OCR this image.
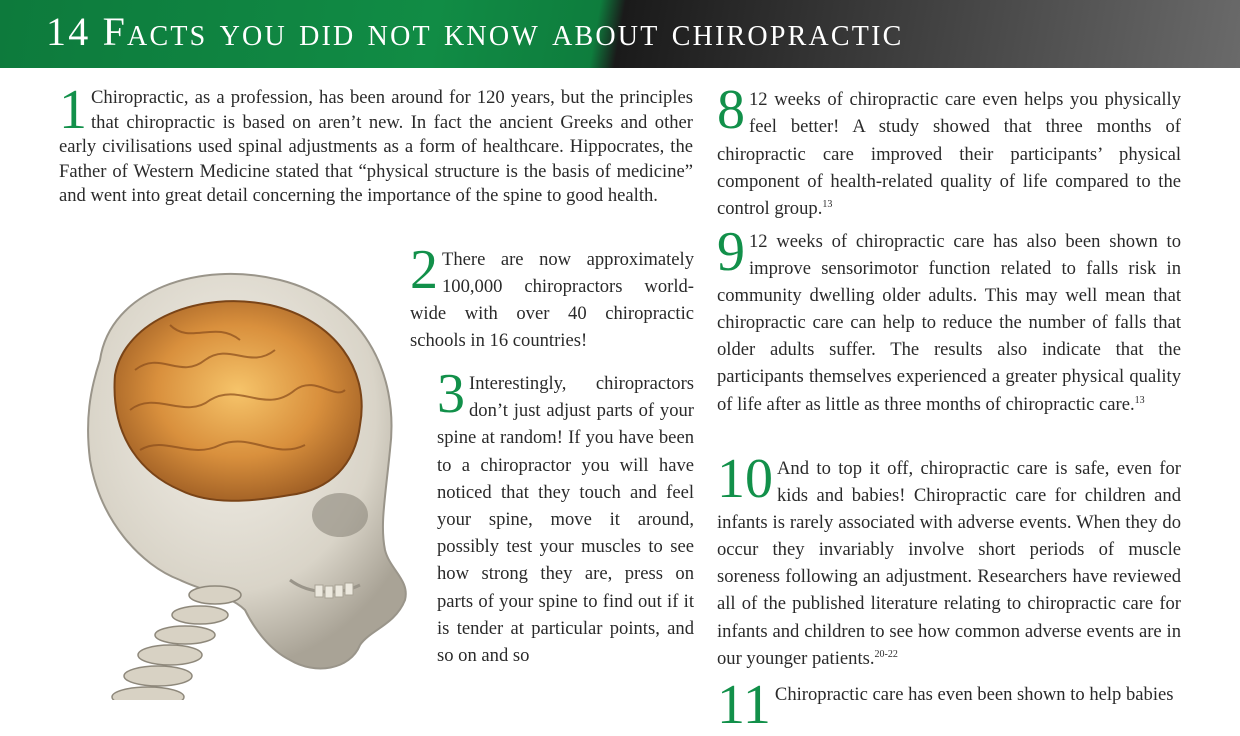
14 Facts you did not know about chiropractic
1 Chiropractic, as a profession, has been around for 120 years, but the principles that chiropractic is based on aren’t new. In fact the ancient Greeks and other early civilisations used spinal adjustments as a form of healthcare. Hippocrates, the Father of Western Medicine stated that “physical structure is the basis of medicine” and went into great detail concerning the importance of the spine to good health.
2 There are now approximately 100,000 chiropractors world-wide with over 40 chiropractic schools in 16 countries!
3 Interestingly, chiropractors don’t just adjust parts of your spine at random! If you have been to a chiropractor you will have noticed that they touch and feel your spine, move it around, possibly test your muscles to see how strong they are, press on parts of your spine to find out if it is tender at particular points, and so on and so
8 12 weeks of chiropractic care even helps you physically feel better! A study showed that three months of chiropractic care improved their participants’ physical component of health-related quality of life compared to the control group.$^{13}$
9 12 weeks of chiropractic care has also been shown to improve sensorimotor function related to falls risk in community dwelling older adults. This may well mean that chiropractic care can help to reduce the number of falls that older adults suffer. The results also indicate that the participants themselves experienced a greater physical quality of life after as little as three months of chiropractic care.$^{13}$
10 And to top it off, chiropractic care is safe, even for kids and babies! Chiropractic care for children and infants is rarely associated with adverse events. When they do occur they invariably involve short periods of muscle soreness following an adjustment. Researchers have reviewed all of the published literature relating to chiropractic care for infants and children to see how common adverse events are in our younger patients.$^{20-22}$
11 Chiropractic care has even been shown to help babies
